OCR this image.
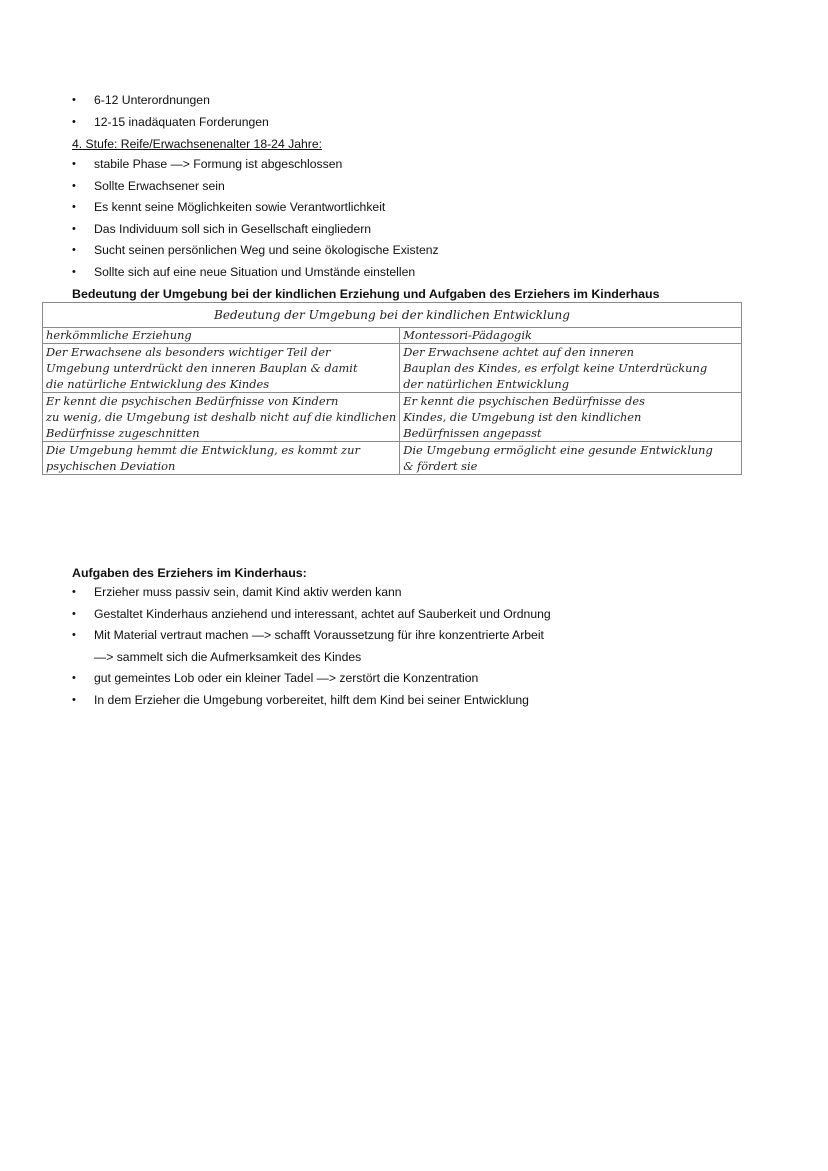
• 6-12 Unterordnungen
• 12-15 inadäquaten Forderungen
4. Stufe: Reife/Erwachsenenalter 18-24 Jahre:
• stabile Phase —> Formung ist abgeschlossen
• Sollte Erwachsener sein
• Es kennt seine Möglichkeiten sowie Verantwortlichkeit
• Das Individuum soll sich in Gesellschaft eingliedern
• Sucht seinen persönlichen Weg und seine ökologische Existenz
• Sollte sich auf eine neue Situation und Umstände einstellen
Bedeutung der Umgebung bei der kindlichen Erziehung und Aufgaben des Erziehers im Kinderhaus
Bedeutung der Umgebung bei der kindlichen Entwicklung	
herkömmliche Erziehung	Montessori-Pädagogik

Der Erwachsene als besonders wichtiger Teil der
Umgebung unterdrückt den inneren Bauplan & damit
die natürliche Entwicklung des Kindes	Der Erwachsene achtet auf den inneren
Bauplan des Kindes, es erfolgt keine Unterdrückung
der natürlichen Entwicklung

Er kennt die psychischen Bedürfnisse von Kindern
zu wenig, die Umgebung ist deshalb nicht auf die kindlichen
Bedürfnisse zugeschnitten	Er kennt die psychischen Bedürfnisse des
Kindes, die Umgebung ist den kindlichen
Bedürfnissen angepasst

Die Umgebung hemmt die Entwicklung, es kommt zur
psychischen Deviation	Die Umgebung ermöglicht eine gesunde Entwicklung
& fördert sie
Aufgaben des Erziehers im Kinderhaus:
• Erzieher muss passiv sein, damit Kind aktiv werden kann
• Gestaltet Kinderhaus anziehend und interessant, achtet auf Sauberkeit und Ordnung
• Mit Material vertraut machen —> schafft Voraussetzung für ihre konzentrierte Arbeit
—> sammelt sich die Aufmerksamkeit des Kindes
• gut gemeintes Lob oder ein kleiner Tadel —> zerstört die Konzentration
• In dem Erzieher die Umgebung vorbereitet, hilft dem Kind bei seiner Entwicklung
